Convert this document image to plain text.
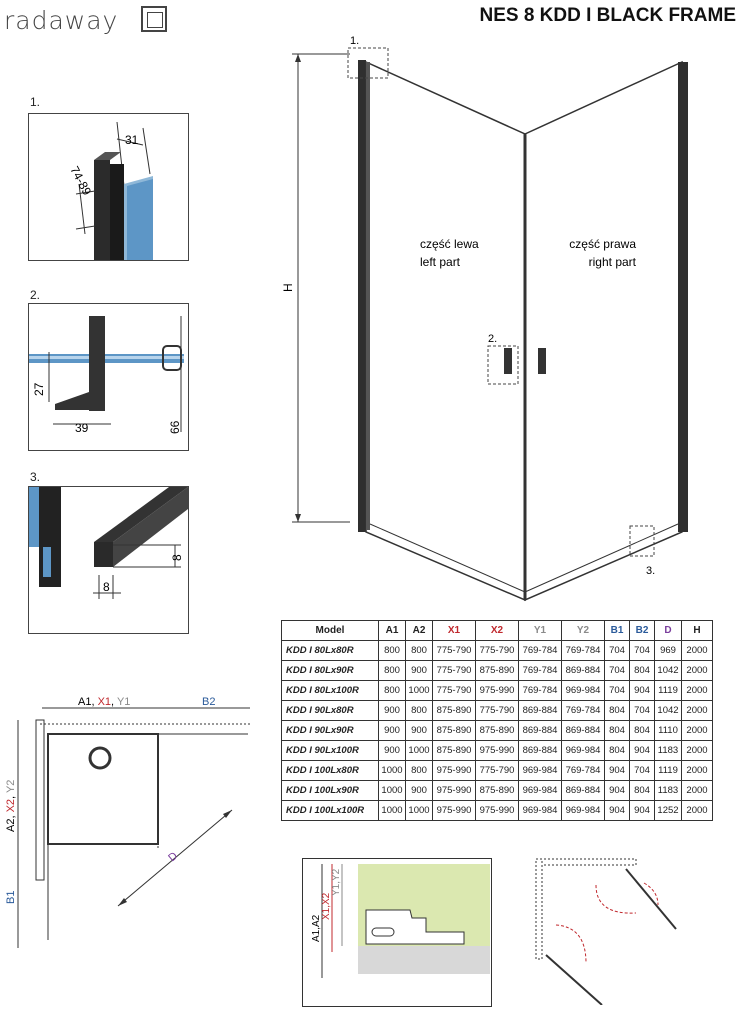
radaway	NES 8 KDD I BLACK FRAME
1.
31
74-89
2.
27
39	66
3.
8
8
H
1.
2.
3.
część lewa
left part
część prawa
right part
Model	A1	A2	X1	X2	Y1	Y2	B1	B2	D	H
KDD I 80Lx80R	800	800	775-790	775-790	769-784	769-784	704	704	969	2000
KDD I 80Lx90R	800	900	775-790	875-890	769-784	869-884	704	804	1042	2000
KDD I 80Lx100R	800	1000	775-790	975-990	769-784	969-984	704	904	1119	2000
KDD I 90Lx80R	900	800	875-890	775-790	869-884	769-784	804	704	1042	2000
KDD I 90Lx90R	900	900	875-890	875-890	869-884	869-884	804	804	1110	2000
KDD I 90Lx100R	900	1000	875-890	975-990	869-884	969-984	804	904	1183	2000
KDD I 100Lx80R	1000	800	975-990	775-790	969-984	769-784	904	704	1119	2000
KDD I 100Lx90R	1000	900	975-990	875-890	969-984	869-884	904	804	1183	2000
KDD I 100Lx100R	1000	1000	975-990	975-990	969-984	969-984	904	904	1252	2000
A1, X1, Y1	B2
D
A2, X2, Y2
B1
A1,A2
X1,X2
Y1,Y2
